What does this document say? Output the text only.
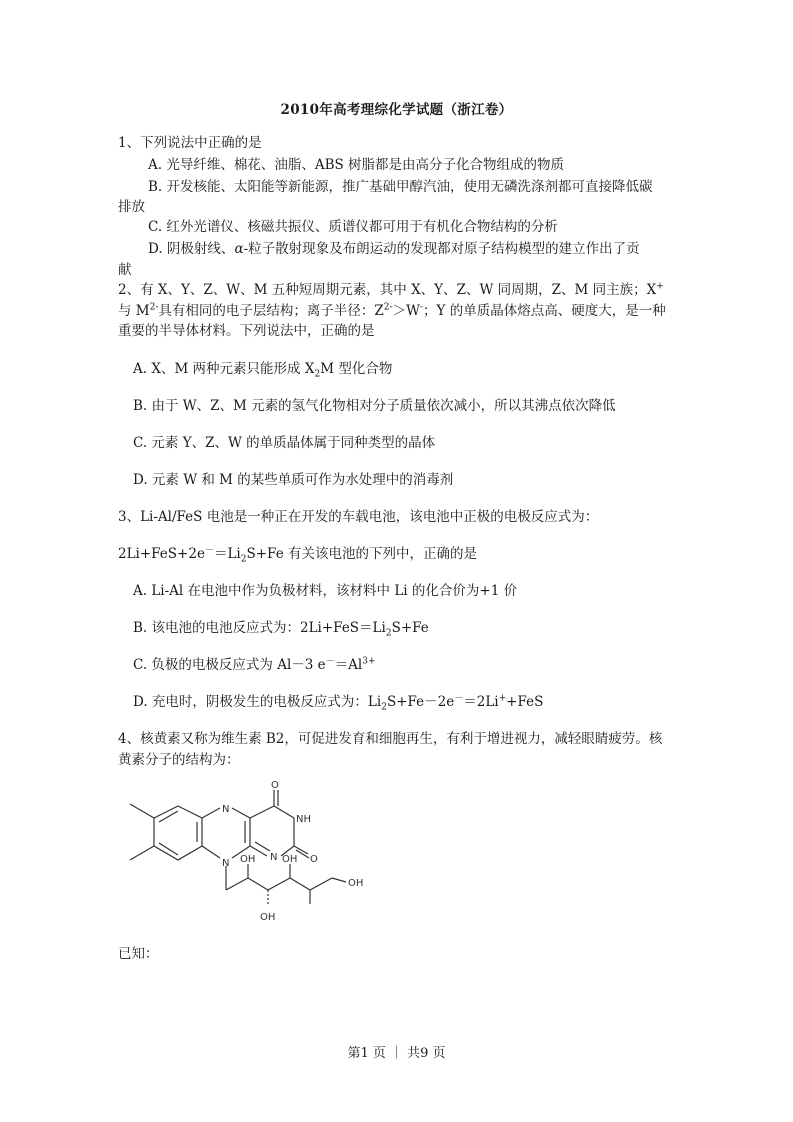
2010年高考理综化学试题（浙江卷）
1、下列说法中正确的是
A. 光导纤维、棉花、油脂、ABS 树脂都是由高分子化合物组成的物质
B. 开发核能、太阳能等新能源，推广基础甲醇汽油，使用无磷洗涤剂都可直接降低碳
排放
C. 红外光谱仪、核磁共振仪、质谱仪都可用于有机化合物结构的分析
D. 阴极射线、α-粒子散射现象及布朗运动的发现都对原子结构模型的建立作出了贡
献
2、有 X、Y、Z、W、M 五种短周期元素，其中 X、Y、Z、W 同周期，Z、M 同主族；X+
与 $M^{2-}$具有相同的电子层结构；离子半径：$Z^{2-}>W^-$；Y 的单质晶体熔点高、硬度大，是一种
重要的半导体材料。下列说法中，正确的是
A. X、M 两种元素只能形成 $X_2M$ 型化合物
B. 由于 W、Z、M 元素的氢气化物相对分子质量依次减小，所以其沸点依次降低
C. 元素 Y、Z、W 的单质晶体属于同种类型的晶体
D. 元素 W 和 M 的某些单质可作为水处理中的消毒剂
3、Li-Al/FeS 电池是一种正在开发的车载电池，该电池中正极的电极反应式为：
$2Li+FeS+2e^-=Li_2S+Fe$ 有关该电池的下列中，正确的是
A. Li-Al 在电池中作为负极材料，该材料中 Li 的化合价为+1 价
B. 该电池的电池反应式为：$2Li+FeS=Li_2S+Fe$
C. 负极的电极反应式为 Al－3 $e^-=Al^{3+}$
D. 充电时，阴极发生的电极反应式为：$Li_2S+Fe-2e^-=2Li^++FeS$
4、核黄素又称为维生素 B2，可促进发育和细胞再生，有利于增进视力，减轻眼睛疲劳。核
黄素分子的结构为：
N
N
N
NH
O
O
OH	OH
OH
OH
已知：
第1 页 ｜ 共9 页
